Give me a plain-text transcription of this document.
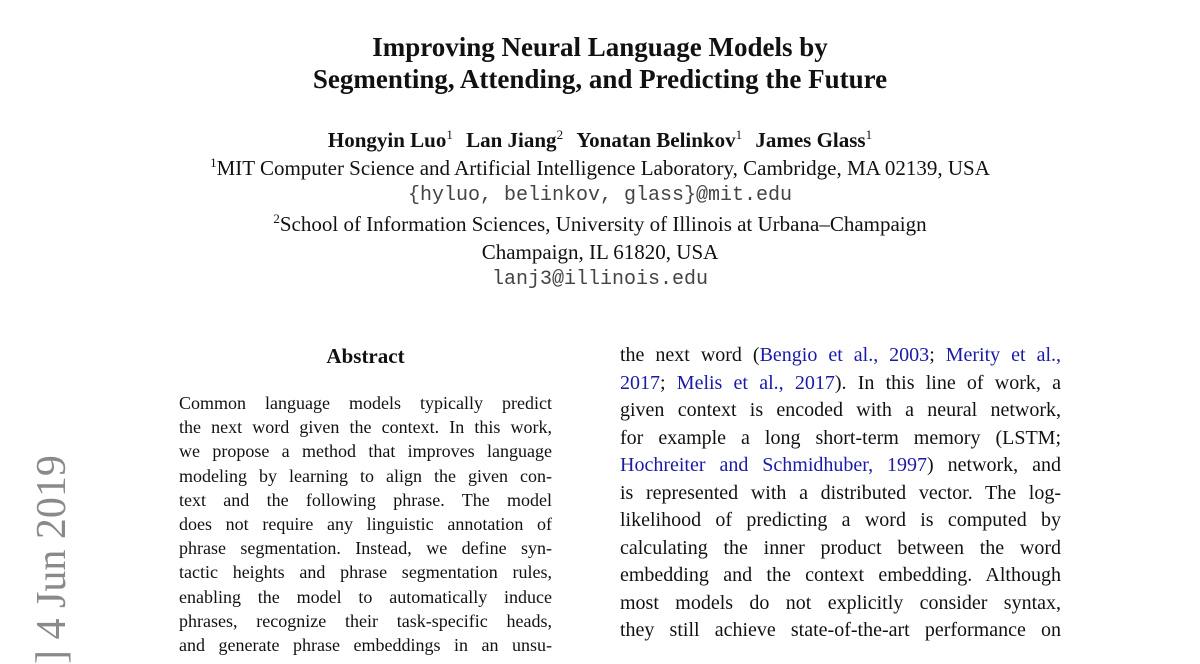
Improving Neural Language Models by
Segmenting, Attending, and Predicting the Future
Hongyin Luo$^1$ Lan Jiang$^2$ Yonatan Belinkov$^1$ James Glass$^1$
$^1$MIT Computer Science and Artificial Intelligence Laboratory, Cambridge, MA 02139, USA
{hyluo, belinkov, glass}@mit.edu
$^2$School of Information Sciences, University of Illinois at Urbana–Champaign
Champaign, IL 61820, USA
lanj3@illinois.edu
] 4 Jun 2019
Abstract
Common language models typically predict
the next word given the context. In this work,
we propose a method that improves language
modeling by learning to align the given con-
text and the following phrase. The model
does not require any linguistic annotation of
phrase segmentation. Instead, we define syn-
tactic heights and phrase segmentation rules,
enabling the model to automatically induce
phrases, recognize their task-specific heads,
and generate phrase embeddings in an unsu-
the next word (Bengio et al., 2003; Merity et al.,
2017; Melis et al., 2017). In this line of work, a
given context is encoded with a neural network,
for example a long short-term memory (LSTM;
Hochreiter and Schmidhuber, 1997) network, and
is represented with a distributed vector. The log-
likelihood of predicting a word is computed by
calculating the inner product between the word
embedding and the context embedding. Although
most models do not explicitly consider syntax,
they still achieve state-of-the-art performance on
